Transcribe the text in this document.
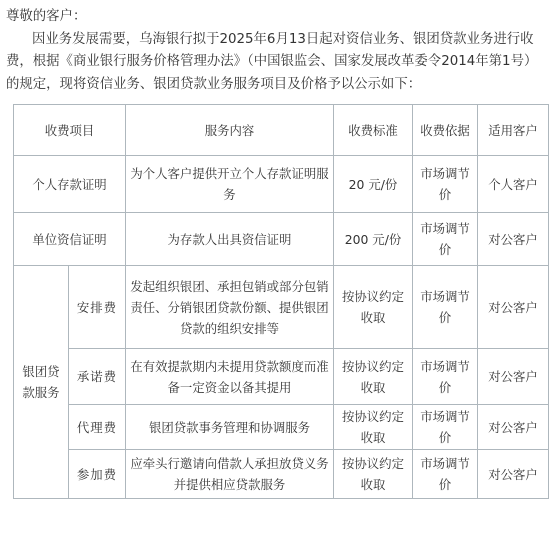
尊敬的客户：

因业务发展需要，乌海银行拟于2025年6月13日起对资信业务、银团贷款业务进行收费，根据《商业银行服务价格管理办法》（中国银监会、国家发展改革委令2014年第1号）的规定，现将资信业务、银团贷款业务服务项目及价格予以公示如下：

收费项目		服务内容	收费标准	收费依据	适用客户
个人存款证明		为个人客户提供开立个人存款证明服务	20 元/份	市场调节价	个人客户
单位资信证明		为存款人出具资信证明	200 元/份	市场调节价	对公客户
银团贷款服务	安排费	发起组织银团、承担包销或部分包销责任、分销银团贷款份额、提供银团贷款的组织安排等	按协议约定收取	市场调节价	对公客户
	承诺费	在有效提款期内未提用贷款额度而准备一定资金以备其提用	按协议约定收取	市场调节价	对公客户
	代理费	银团贷款事务管理和协调服务	按协议约定收取	市场调节价	对公客户
	参加费	应牵头行邀请向借款人承担放贷义务并提供相应贷款服务	按协议约定收取	市场调节价	对公客户
